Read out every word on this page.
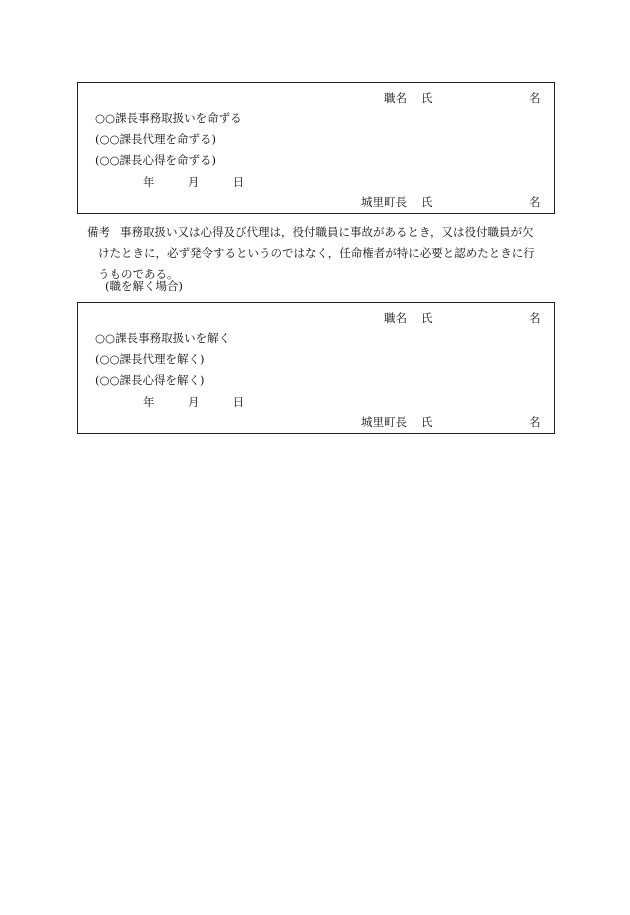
職名 氏	名
○○課長事務取扱いを命ずる
(○○課長代理を命ずる)
(○○課長心得を命ずる)
年	月	日
城里町長 氏	名
備考 事務取扱い又は心得及び代理は，役付職員に事故があるとき，又は役付職員が欠
けたときに，必ず発令するというのではなく，任命権者が特に必要と認めたときに行
うものである。
(職を解く場合)
職名 氏	名
○○課長事務取扱いを解く
(○○課長代理を解く)
(○○課長心得を解く)
年	月	日
城里町長 氏	名
